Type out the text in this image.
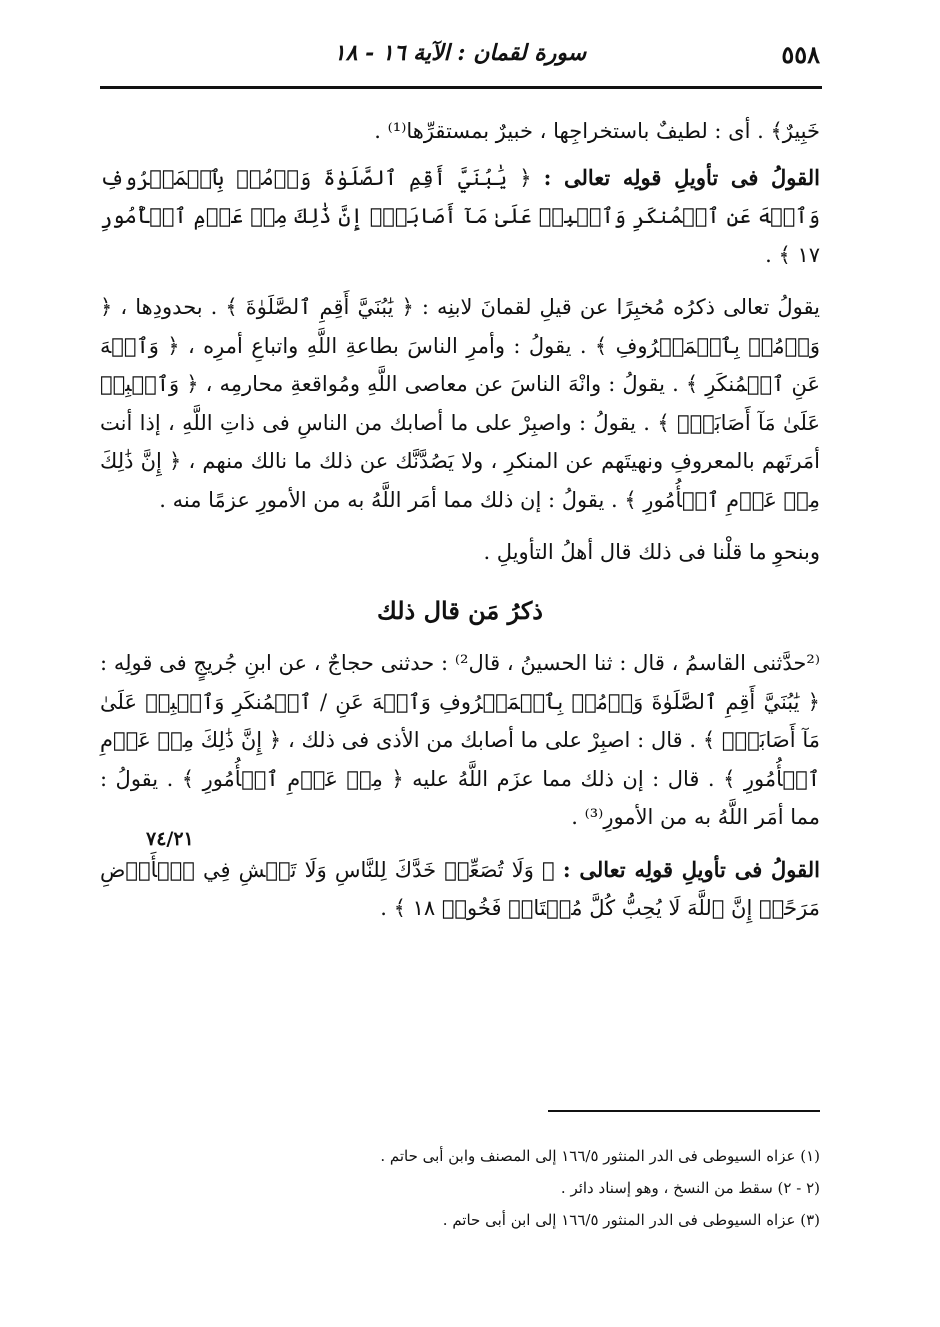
٥٥٨
سورة لقمان : الآية ١٦ - ١٨
٧٤/٢١

خَبِيرٌ﴾ . أى : لطيفٌ باستخراجِها ، خبيرٌ بمستقرِّها⁽¹⁾ .

القولُ فى تأويلِ قولِه تعالى : ﴿ يَٰبُنَيَّ أَقِمِ ٱلصَّلَوٰةَ وَأۡمُرۡ بِٱلۡمَعۡرُوفِ وَٱنۡهَ عَنِ ٱلۡمُنكَرِ وَٱصۡبِرۡ عَلَىٰ مَآ أَصَابَكَۖ إِنَّ ذَٰلِكَ مِنۡ عَزۡمِ ٱلۡأُمُورِ ١٧ ﴾ .

يقولُ تعالى ذكرُه مُخبِرًا عن قيلِ لقمانَ لابنِه : ﴿ يَٰبُنَيَّ أَقِمِ ٱلصَّلَوٰةَ ﴾ . بحدودِها ، ﴿ وَأۡمُرۡ بِٱلۡمَعۡرُوفِ ﴾ . يقولُ : وأمرِ الناسَ بطاعةِ اللَّهِ واتباعِ أمرِه ، ﴿ وَٱنۡهَ عَنِ ٱلۡمُنكَرِ ﴾ . يقولُ : وانْهَ الناسَ عن معاصى اللَّهِ ومُواقعةِ محارمِه ، ﴿ وَٱصۡبِرۡ عَلَىٰ مَآ أَصَابَكَۖ ﴾ . يقولُ : واصبِرْ على ما أصابك من الناسِ فى ذاتِ اللَّهِ ، إذا أنت أمَرتَهم بالمعروفِ ونهيتَهم عن المنكرِ ، ولا يَصُدَّنَّك عن ذلك ما نالك منهم ، ﴿ إِنَّ ذَٰلِكَ مِنۡ عَزۡمِ ٱلۡأُمُورِ ﴾ . يقولُ : إن ذلك مما أمَر اللَّهُ به من الأمورِ عزمًا منه .

وبنحوِ ما قلْنا فى ذلك قال أهلُ التأويلِ .

ذكرُ مَن قال ذلك

⁽²حدَّثنى القاسمُ ، قال : ثنا الحسينُ ، قال²⁾ : حدثنى حجاجٌ ، عن ابنِ جُريجٍ فى قولِه : ﴿ يَٰبُنَيَّ أَقِمِ ٱلصَّلَوٰةَ وَأۡمُرۡ بِٱلۡمَعۡرُوفِ وَٱنۡهَ عَنِ / ٱلۡمُنكَرِ وَٱصۡبِرۡ عَلَىٰ مَآ أَصَابَكَۖ ﴾ . قال : اصبِرْ على ما أصابك من الأذى فى ذلك ، ﴿ إِنَّ ذَٰلِكَ مِنۡ عَزۡمِ ٱلۡأُمُورِ ﴾ . قال : إن ذلك مما عزَم اللَّهُ عليه ﴿ مِنۡ عَزۡمِ ٱلۡأُمُورِ ﴾ . يقولُ : مما أمَر اللَّهُ به من الأمورِ⁽³⁾ .

القولُ فى تأويلِ قولِه تعالى : ﴿ وَلَا تُصَعِّرۡ خَدَّكَ لِلنَّاسِ وَلَا تَمۡشِ فِي ٱلۡأَرۡضِ مَرَحًاۖ إِنَّ ٱللَّهَ لَا يُحِبُّ كُلَّ مُخۡتَالٖ فَخُورٖ ١٨ ﴾ .

(١) عزاه السيوطى فى الدر المنثور ١٦٦/٥ إلى المصنف وابن أبى حاتم .
(٢ - ٢) سقط من النسخ ، وهو إسناد دائر .
(٣) عزاه السيوطى فى الدر المنثور ١٦٦/٥ إلى ابن أبى حاتم .
